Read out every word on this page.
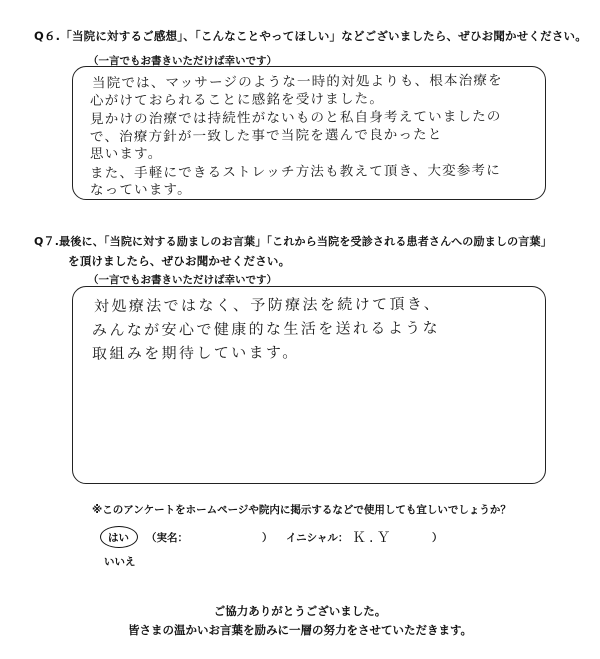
Q６.「当院に対するご感想」、「こんなことやってほしい」などございましたら、ぜひお聞かせください。
（一言でもお書きいただけば幸いです）
当院では、マッサージのような一時的対処よりも、根本治療を
心がけておられることに感銘を受けました。
見かけの治療では持続性がないものと私自身考えていましたの
で、治療方針が一致した事で当院を選んで良かったと
思います。
また、手軽にできるストレッチ方法も教えて頂き、大変参考に
なっています。
Q７.最後に、「当院に対する励ましのお言葉」「これから当院を受診される患者さんへの励ましの言葉」
を頂けましたら、ぜひお聞かせください。
（一言でもお書きいただけば幸いです）
対処療法ではなく、予防療法を続けて頂き、
みんなが安心で健康的な生活を送れるような
取組みを期待しています。
※このアンケートをホームページや院内に掲示するなどで使用しても宜しいでしょうか？
はい （実名：	） イニシャル： Ｋ.Ｙ	）
いいえ
ご協力ありがとうございました。
皆さまの温かいお言葉を励みに一層の努力をさせていただきます。
